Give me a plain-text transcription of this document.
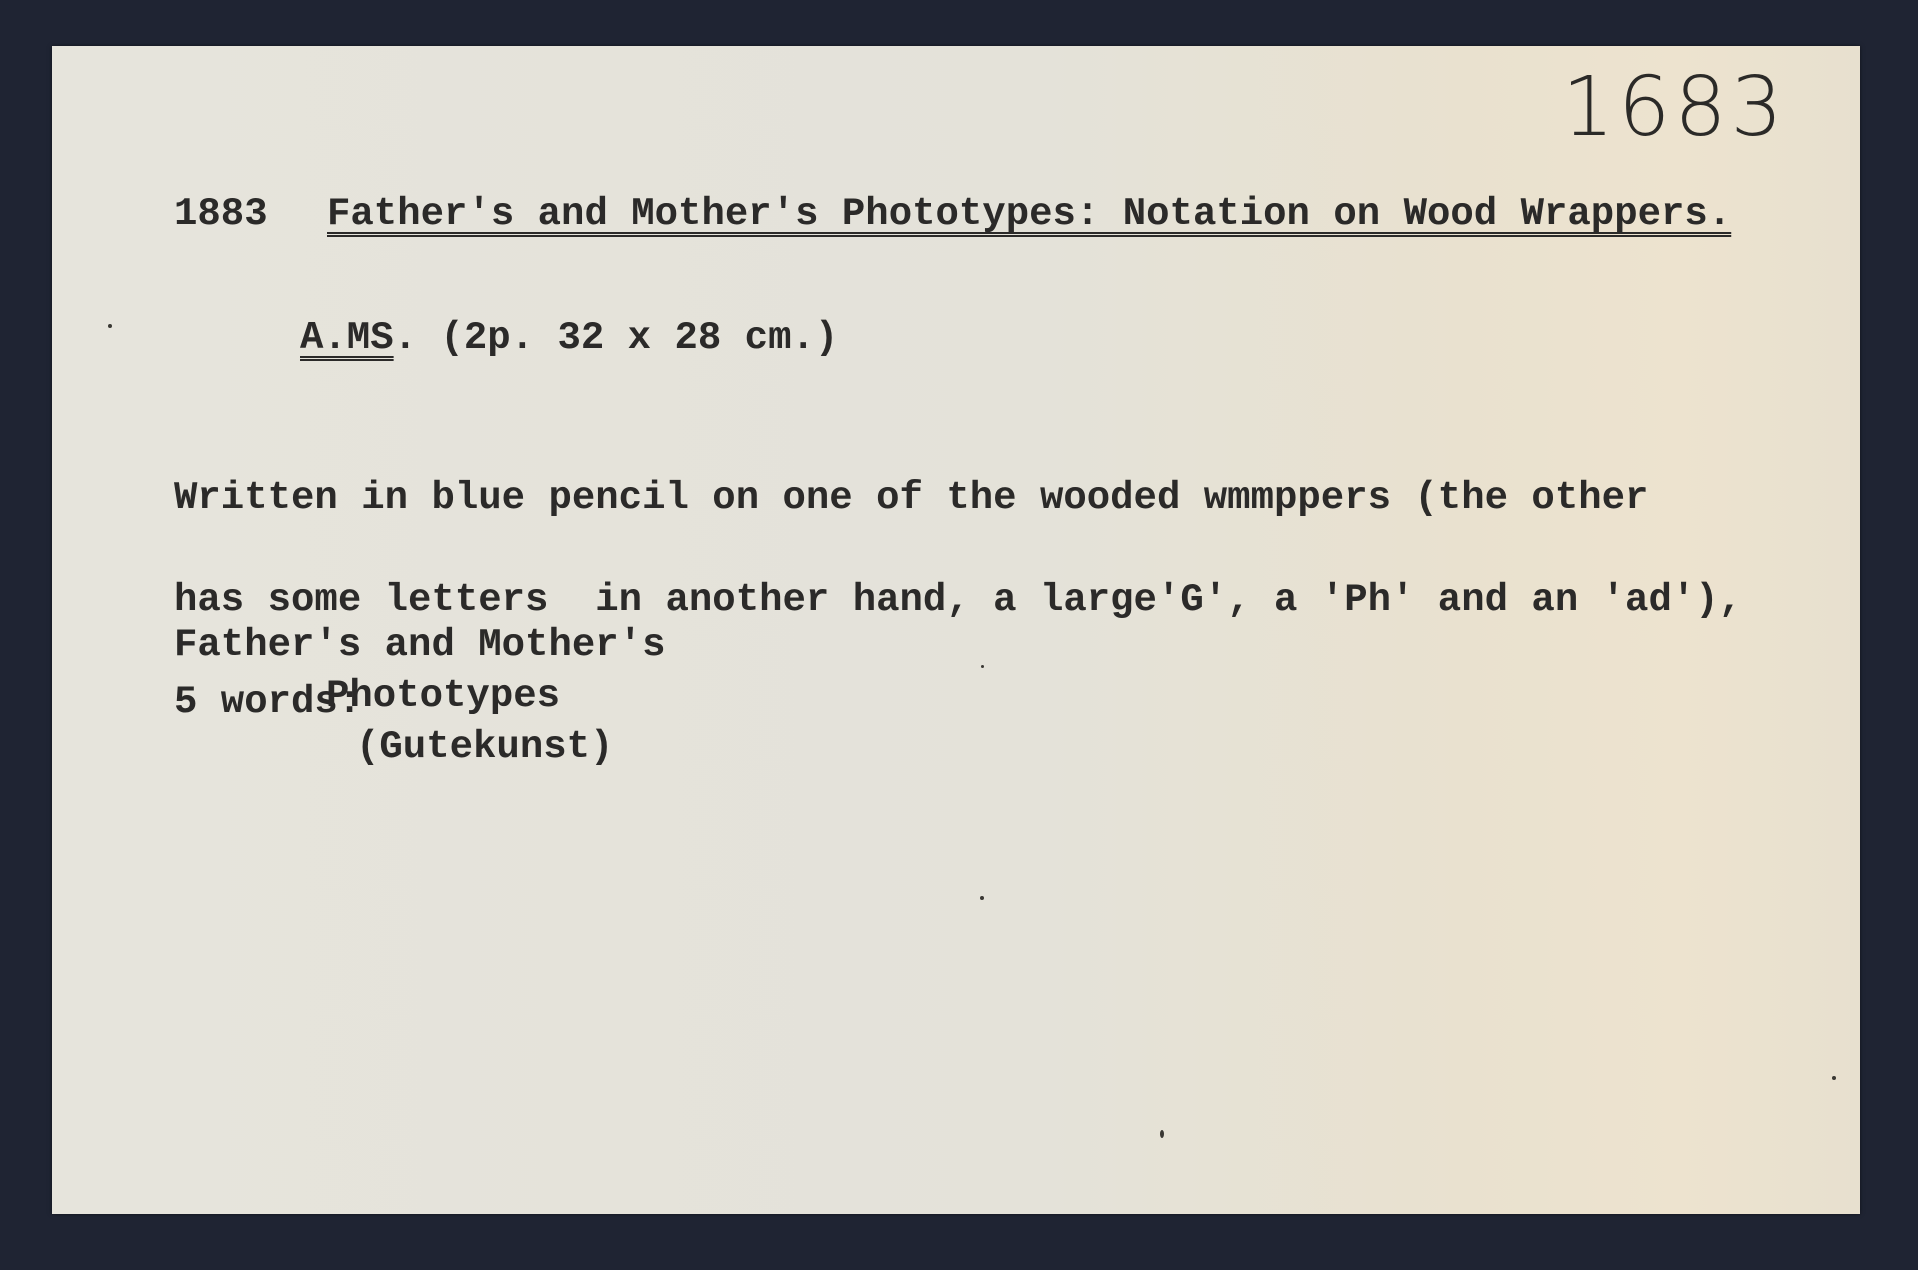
1683
1883 Father's and Mother's Phototypes: Notation on Wood Wrappers.
A.MS. (2p. 32 x 28 cm.)

Written in blue pencil on one of the wooded wmmppers (the other

has some letters  in another hand, a large'G', a 'Ph' and an 'ad'),

5 words:

Father's and Mother's
Phototypes
(Gutekunst)
